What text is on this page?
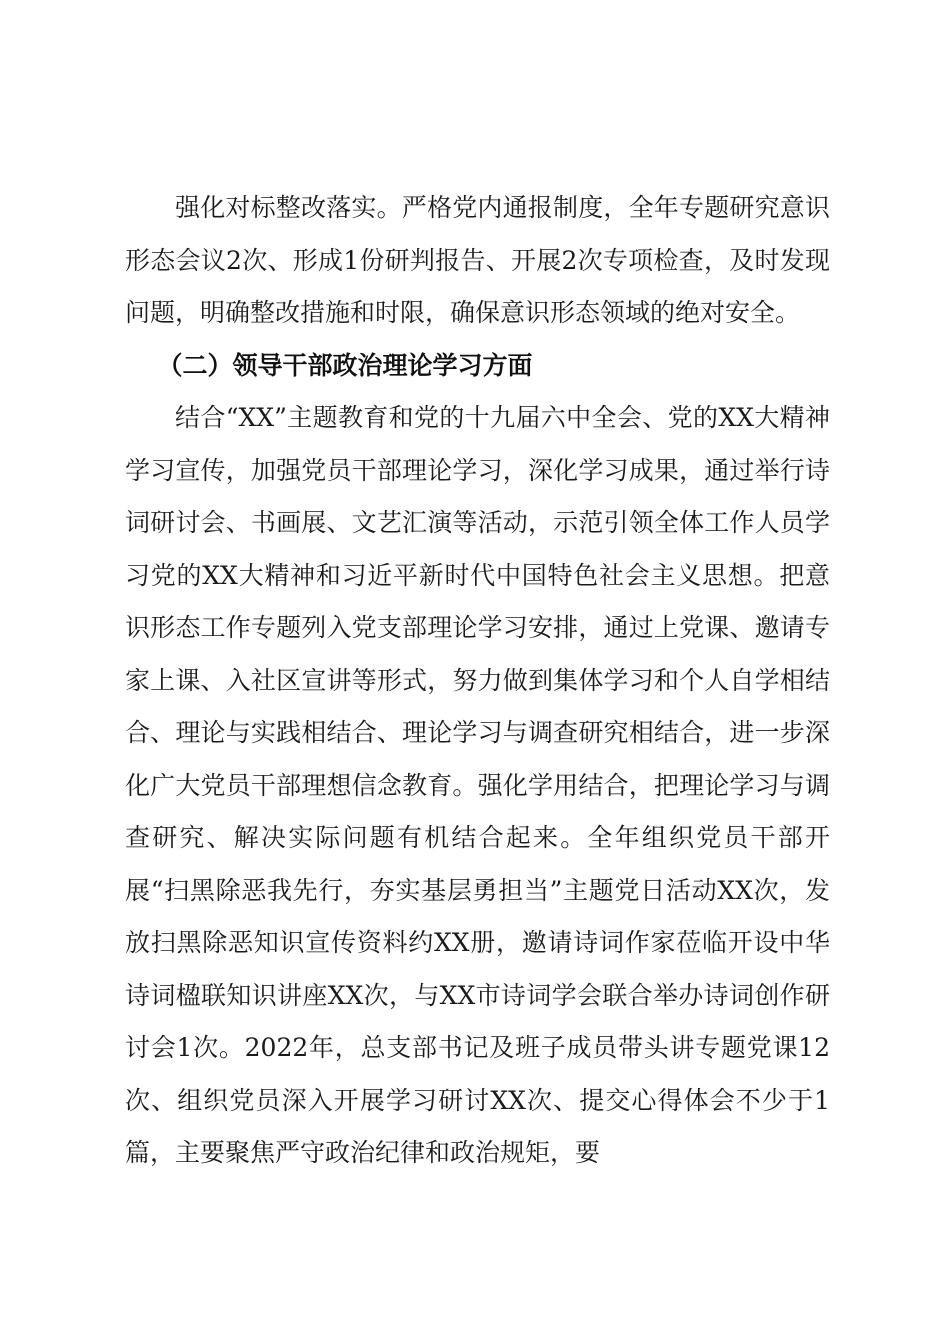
强化对标整改落实。严格党内通报制度，全年专题研究意识形态会议2次、形成1份研判报告、开展2次专项检查，及时发现问题，明确整改措施和时限，确保意识形态领域的绝对安全。

（二）领导干部政治理论学习方面

结合“XX”主题教育和党的十九届六中全会、党的XX大精神学习宣传，加强党员干部理论学习，深化学习成果，通过举行诗词研讨会、书画展、文艺汇演等活动，示范引领全体工作人员学习党的XX大精神和习近平新时代中国特色社会主义思想。把意识形态工作专题列入党支部理论学习安排，通过上党课、邀请专家上课、入社区宣讲等形式，努力做到集体学习和个人自学相结合、理论与实践相结合、理论学习与调查研究相结合，进一步深化广大党员干部理想信念教育。强化学用结合，把理论学习与调查研究、解决实际问题有机结合起来。全年组织党员干部开展“扫黑除恶我先行，夯实基层勇担当”主题党日活动XX次，发放扫黑除恶知识宣传资料约XX册，邀请诗词作家莅临开设中华诗词楹联知识讲座XX次，与XX市诗词学会联合举办诗词创作研讨会1次。2022年，总支部书记及班子成员带头讲专题党课12次、组织党员深入开展学习研讨XX次、提交心得体会不少于1篇，主要聚焦严守政治纪律和政治规矩，要
